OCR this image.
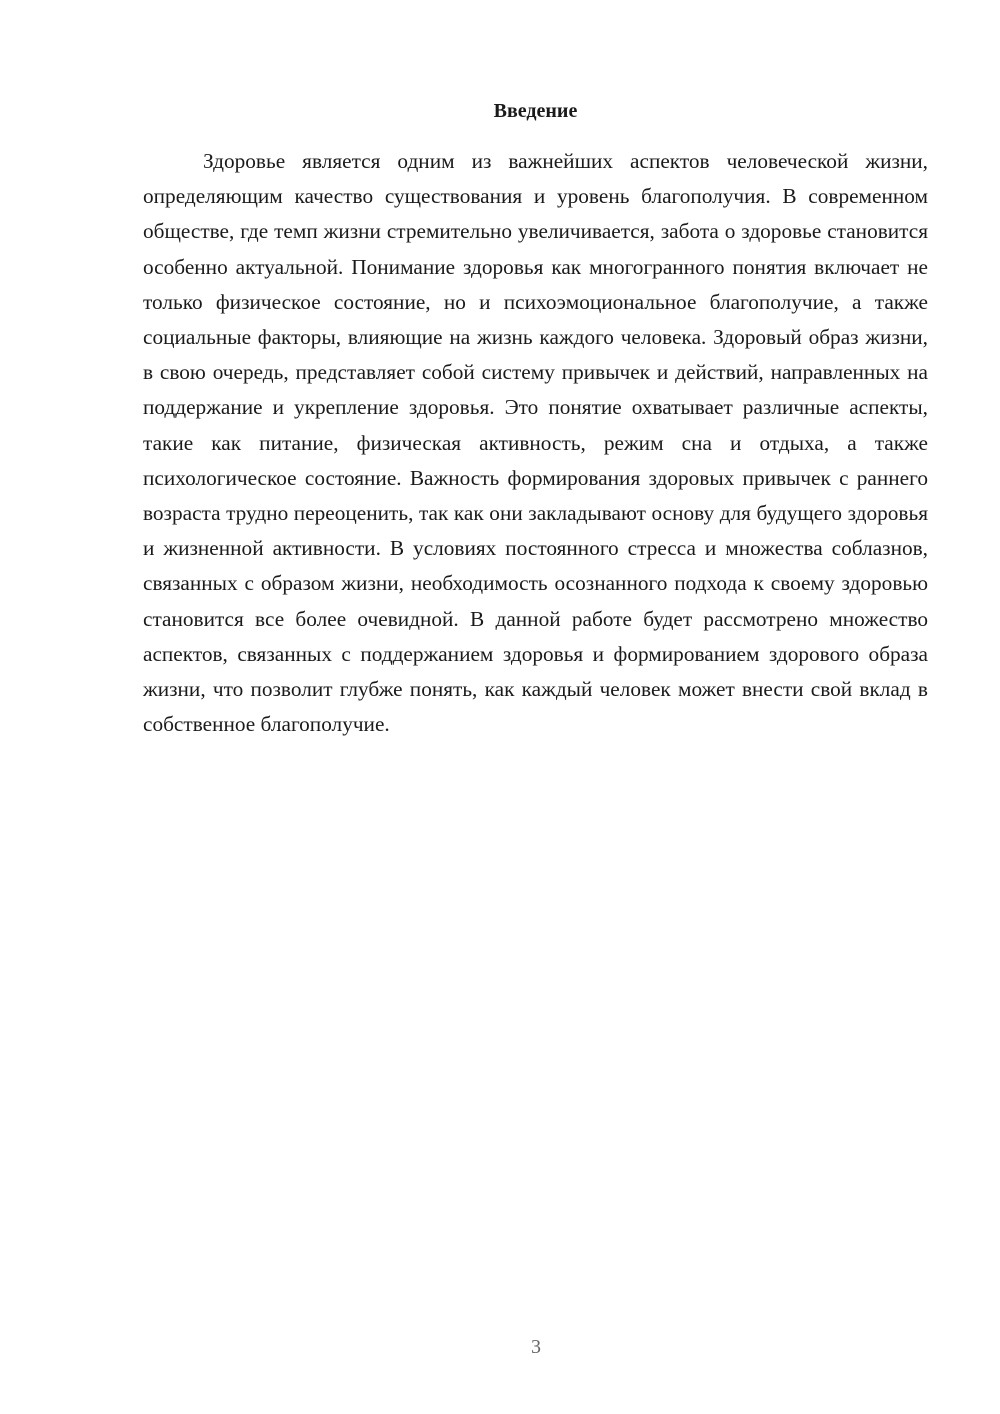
Введение

Здоровье является одним из важнейших аспектов человеческой жизни, определяющим качество существования и уровень благополучия. В современном обществе, где темп жизни стремительно увеличивается, забота о здоровье становится особенно актуальной. Понимание здоровья как многогранного понятия включает не только физическое состояние, но и психоэмоциональное благополучие, а также социальные факторы, влияющие на жизнь каждого человека. Здоровый образ жизни, в свою очередь, представляет собой систему привычек и действий, направленных на поддержание и укрепление здоровья. Это понятие охватывает различные аспекты, такие как питание, физическая активность, режим сна и отдыха, а также психологическое состояние. Важность формирования здоровых привычек с раннего возраста трудно переоценить, так как они закладывают основу для будущего здоровья и жизненной активности. В условиях постоянного стресса и множества соблазнов, связанных с образом жизни, необходимость осознанного подхода к своему здоровью становится все более очевидной. В данной работе будет рассмотрено множество аспектов, связанных с поддержанием здоровья и формированием здорового образа жизни, что позволит глубже понять, как каждый человек может внести свой вклад в собственное благополучие.

3
